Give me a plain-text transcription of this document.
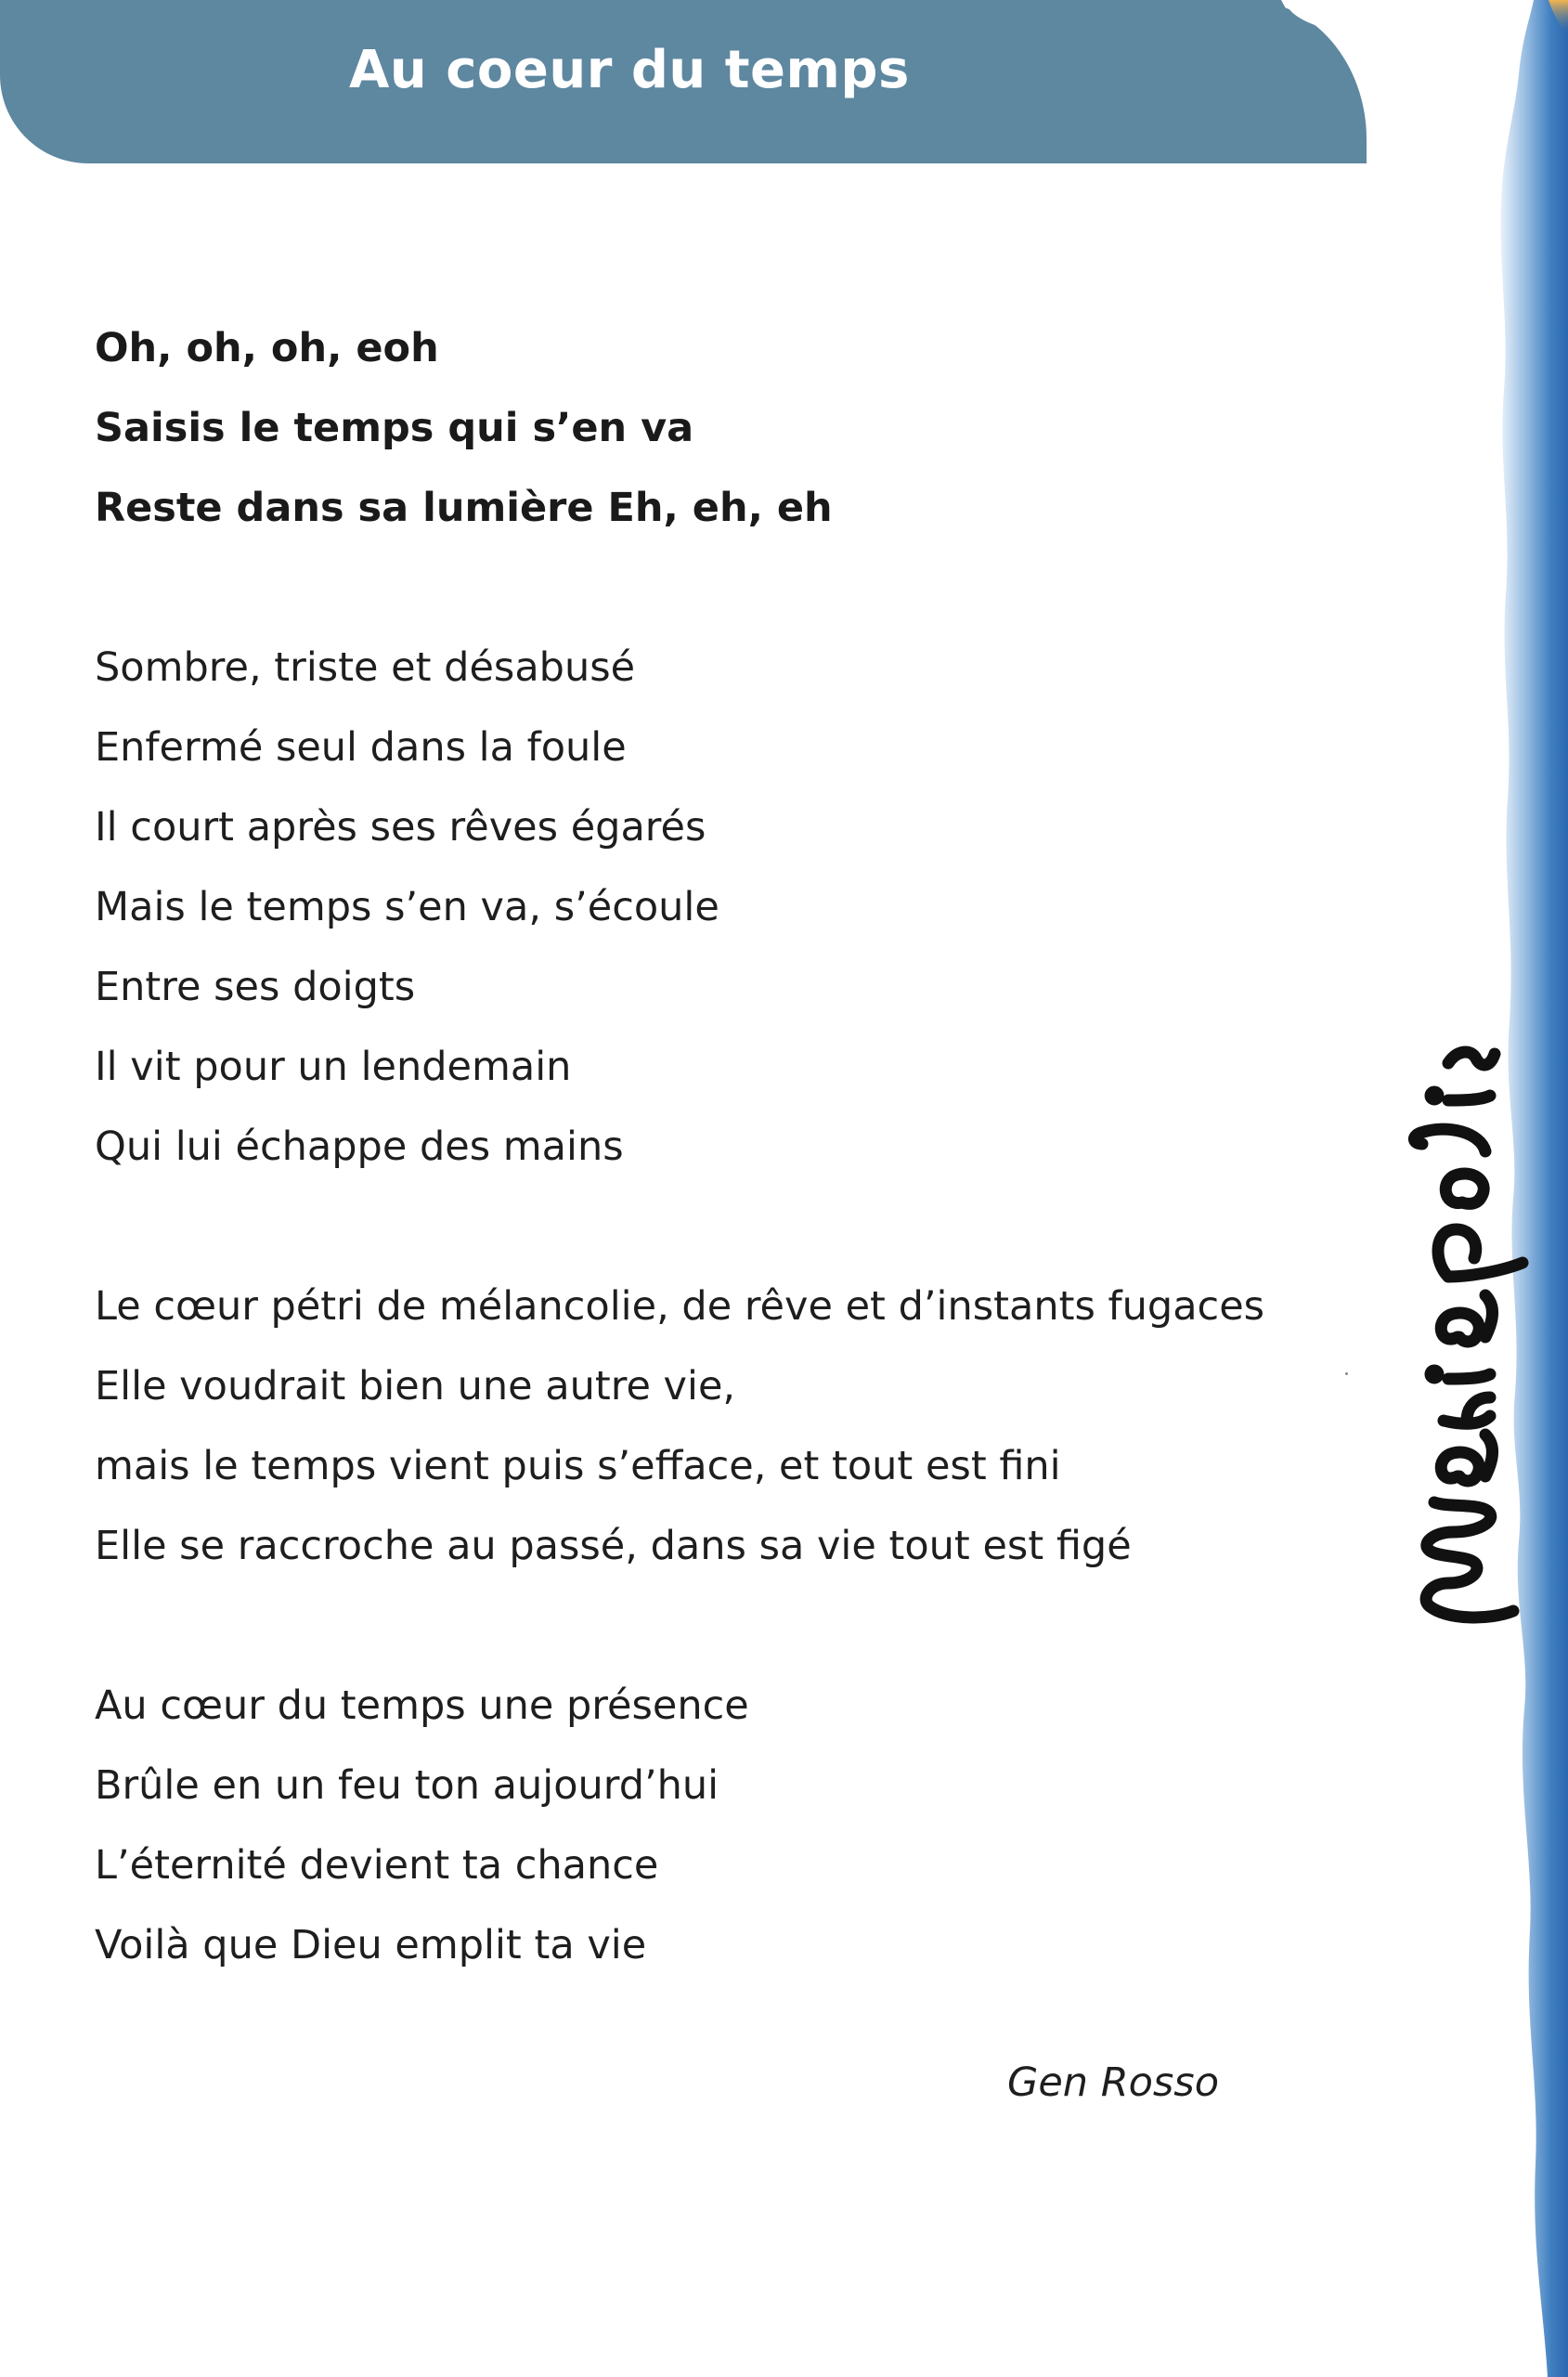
Au coeur du temps
Oh, oh, oh, eoh
Saisis le temps qui s’en va
Reste dans sa lumière Eh, eh, eh
Sombre, triste et désabusé
Enfermé seul dans la foule
Il court après ses rêves égarés
Mais le temps s’en va, s’écoule
Entre ses doigts
Il vit pour un lendemain
Qui lui échappe des mains
Le cœur pétri de mélancolie, de rêve et d’instants fugaces
Elle voudrait bien une autre vie,
mais le temps vient puis s’efface, et tout est fini
Elle se raccroche au passé, dans sa vie tout est figé
Au cœur du temps une présence
Brûle en un feu ton aujourd’hui
L’éternité devient ta chance
Voilà que Dieu emplit ta vie
Gen Rosso
